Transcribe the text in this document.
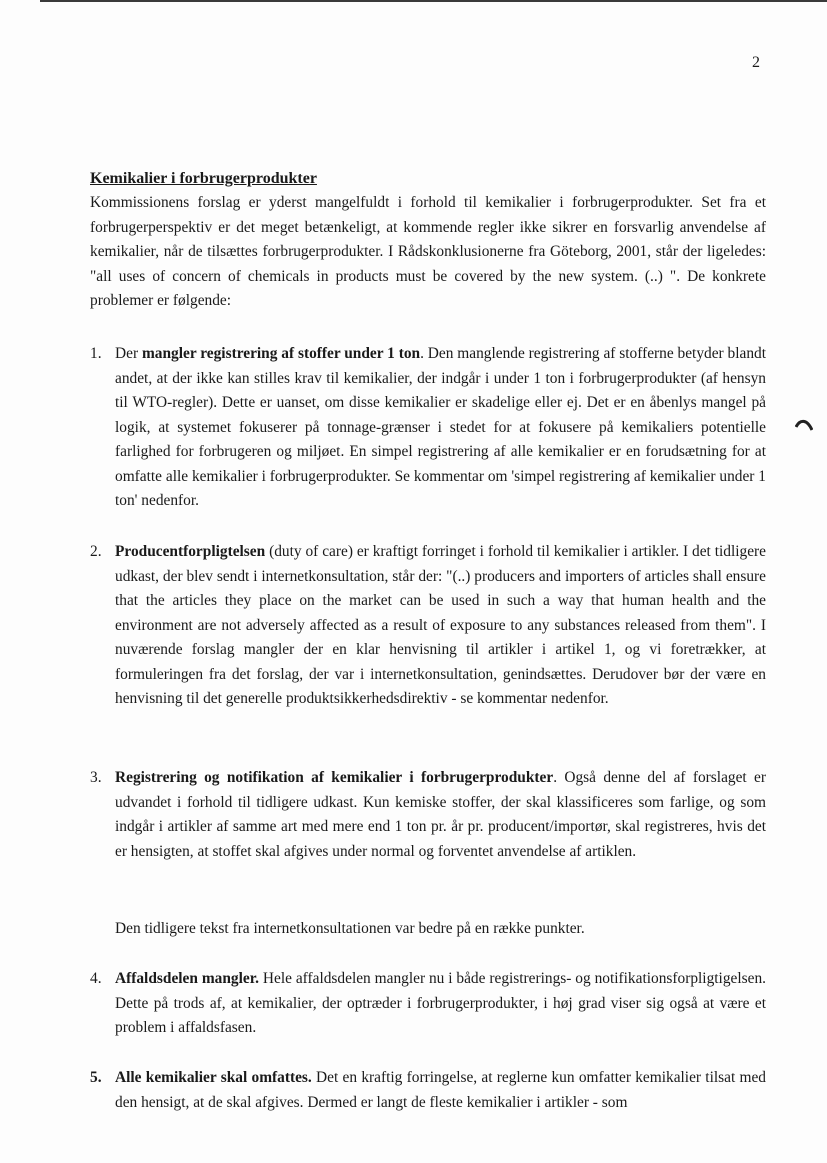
2
Kemikalier i forbrugerprodukter

Kommissionens forslag er yderst mangelfuldt i forhold til kemikalier i forbrugerprodukter. Set fra et forbrugerperspektiv er det meget betænkeligt, at kommende regler ikke sikrer en forsvarlig anvendelse af kemikalier, når de tilsættes forbrugerprodukter. I Rådskonklusionerne fra Göteborg, 2001, står der ligeledes: "all uses of concern of chemicals in products must be covered by the new system. (..) ". De konkrete problemer er følgende:

1. Der mangler registrering af stoffer under 1 ton. Den manglende registrering af stofferne betyder blandt andet, at der ikke kan stilles krav til kemikalier, der indgår i under 1 ton i forbrugerprodukter (af hensyn til WTO-regler). Dette er uanset, om disse kemikalier er skadelige eller ej. Det er en åbenlys mangel på logik, at systemet fokuserer på tonnage-grænser i stedet for at fokusere på kemikaliers potentielle farlighed for forbrugeren og miljøet. En simpel registrering af alle kemikalier er en forudsætning for at omfatte alle kemikalier i forbrugerprodukter. Se kommentar om 'simpel registrering af kemikalier under 1 ton' nedenfor.
2. Producentforpligtelsen (duty of care) er kraftigt forringet i forhold til kemikalier i artikler. I det tidligere udkast, der blev sendt i internetkonsultation, står der: "(..) producers and importers of articles shall ensure that the articles they place on the market can be used in such a way that human health and the environment are not adversely affected as a result of exposure to any substances released from them". I nuværende forslag mangler der en klar henvisning til artikler i artikel 1, og vi foretrækker, at formuleringen fra det forslag, der var i internetkonsultation, genindsættes. Derudover bør der være en henvisning til det generelle produktsikkerhedsdirektiv - se kommentar nedenfor.
3. Registrering og notifikation af kemikalier i forbrugerprodukter. Også denne del af forslaget er udvandet i forhold til tidligere udkast. Kun kemiske stoffer, der skal klassificeres som farlige, og som indgår i artikler af samme art med mere end 1 ton pr. år pr. producent/importør, skal registreres, hvis det er hensigten, at stoffet skal afgives under normal og forventet anvendelse af artiklen.
Den tidligere tekst fra internetkonsultationen var bedre på en række punkter.
4. Affaldsdelen mangler. Hele affaldsdelen mangler nu i både registrerings- og notifikationsforpligtigelsen. Dette på trods af, at kemikalier, der optræder i forbrugerprodukter, i høj grad viser sig også at være et problem i affaldsfasen.
5. Alle kemikalier skal omfattes. Det en kraftig forringelse, at reglerne kun omfatter kemikalier tilsat med den hensigt, at de skal afgives. Dermed er langt de fleste kemikalier i artikler - som
